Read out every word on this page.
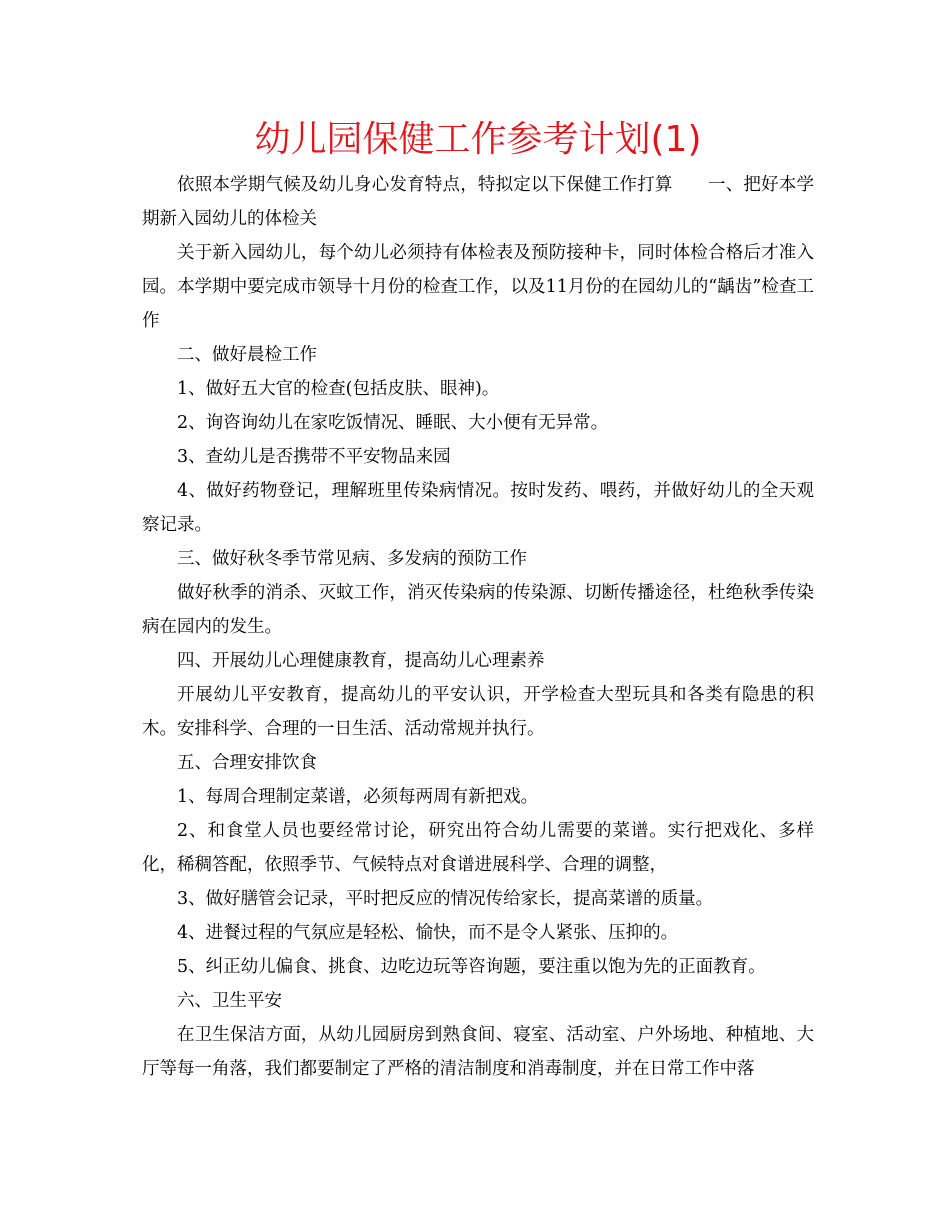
幼儿园保健工作参考计划(1)

依照本学期气候及幼儿身心发育特点，特拟定以下保健工作打算　　一、把好本学期新入园幼儿的体检关

关于新入园幼儿，每个幼儿必须持有体检表及预防接种卡，同时体检合格后才准入园。本学期中要完成市领导十月份的检查工作，以及11月份的在园幼儿的“龋齿”检查工作

二、做好晨检工作

1、做好五大官的检查(包括皮肤、眼神)。

2、询咨询幼儿在家吃饭情况、睡眠、大小便有无异常。

3、查幼儿是否携带不平安物品来园

4、做好药物登记，理解班里传染病情况。按时发药、喂药，并做好幼儿的全天观察记录。

三、做好秋冬季节常见病、多发病的预防工作

做好秋季的消杀、灭蚊工作，消灭传染病的传染源、切断传播途径，杜绝秋季传染病在园内的发生。

四、开展幼儿心理健康教育，提高幼儿心理素养

开展幼儿平安教育，提高幼儿的平安认识，开学检查大型玩具和各类有隐患的积木。安排科学、合理的一日生活、活动常规并执行。

五、合理安排饮食

1、每周合理制定菜谱，必须每两周有新把戏。

2、和食堂人员也要经常讨论，研究出符合幼儿需要的菜谱。实行把戏化、多样化，稀稠答配，依照季节、气候特点对食谱进展科学、合理的调整，

3、做好膳管会记录，平时把反应的情况传给家长，提高菜谱的质量。

4、进餐过程的气氛应是轻松、愉快，而不是令人紧张、压抑的。

5、纠正幼儿偏食、挑食、边吃边玩等咨询题，要注重以饱为先的正面教育。

六、卫生平安

在卫生保洁方面，从幼儿园厨房到熟食间、寝室、活动室、户外场地、种植地、大厅等每一角落，我们都要制定了严格的清洁制度和消毒制度，并在日常工作中落
